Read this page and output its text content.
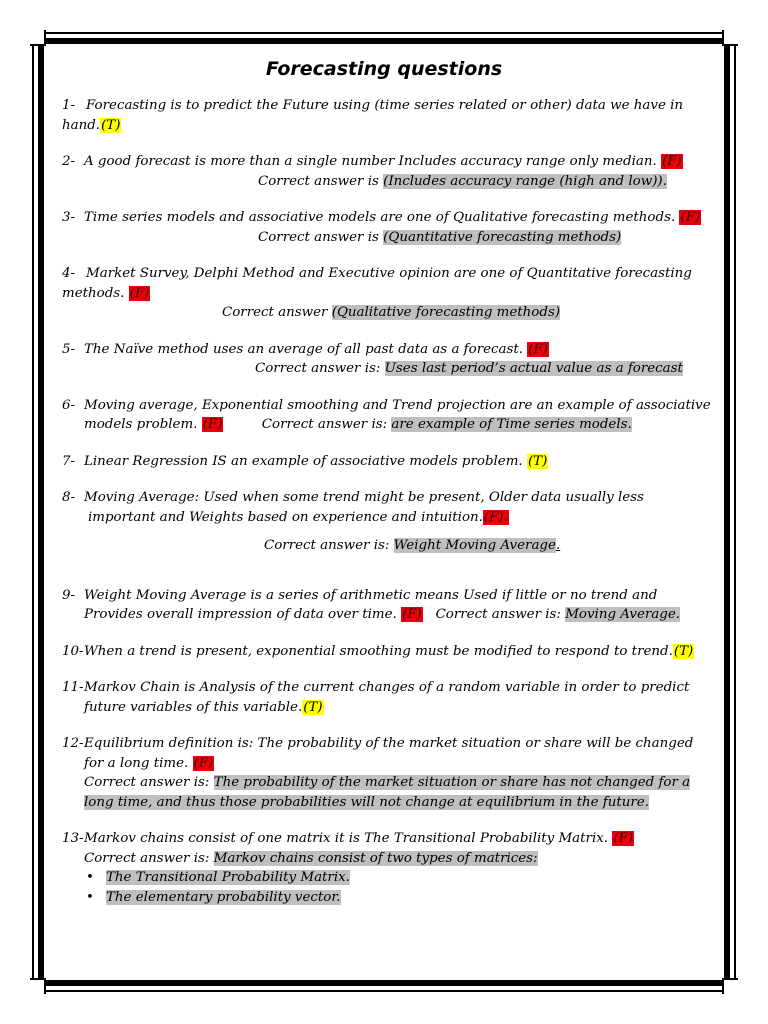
Forecasting questions

1- Forecasting is to predict the Future using (time series related or other) data we have in hand.(T)

2- A good forecast is more than a single number Includes accuracy range only median. (F)
Correct answer is (Includes accuracy range (high and low)).

3- Time series models and associative models are one of Qualitative forecasting methods. (F)
Correct answer is (Quantitative forecasting methods)

4- Market Survey, Delphi Method and Executive opinion are one of Quantitative forecasting methods. (F)
Correct answer (Qualitative forecasting methods)

5- The Naïve method uses an average of all past data as a forecast. (F)
Correct answer is: Uses last period’s actual value as a forecast

6- Moving average, Exponential smoothing and Trend projection are an example of associative models problem. (F)	Correct answer is: are example of Time series models.

7- Linear Regression IS an example of associative models problem. (T)

8- Moving Average: Used when some trend might be present, Older data usually less important and Weights based on experience and intuition.(F).
Correct answer is: Weight Moving Average.

9- Weight Moving Average is a series of arithmetic means Used if little or no trend and Provides overall impression of data over time. (F) Correct answer is: Moving Average.

10- When a trend is present, exponential smoothing must be modified to respond to trend.(T)

11- Markov Chain is Analysis of the current changes of a random variable in order to predict future variables of this variable.(T)

12- Equilibrium definition is: The probability of the market situation or share will be changed for a long time. (F)
Correct answer is: The probability of the market situation or share has not changed for a long time, and thus those probabilities will not change at equilibrium in the future.

13- Markov chains consist of one matrix it is The Transitional Probability Matrix. (F)
Correct answer is: Markov chains consist of two types of matrices:

• The Transitional Probability Matrix.
• The elementary probability vector.
